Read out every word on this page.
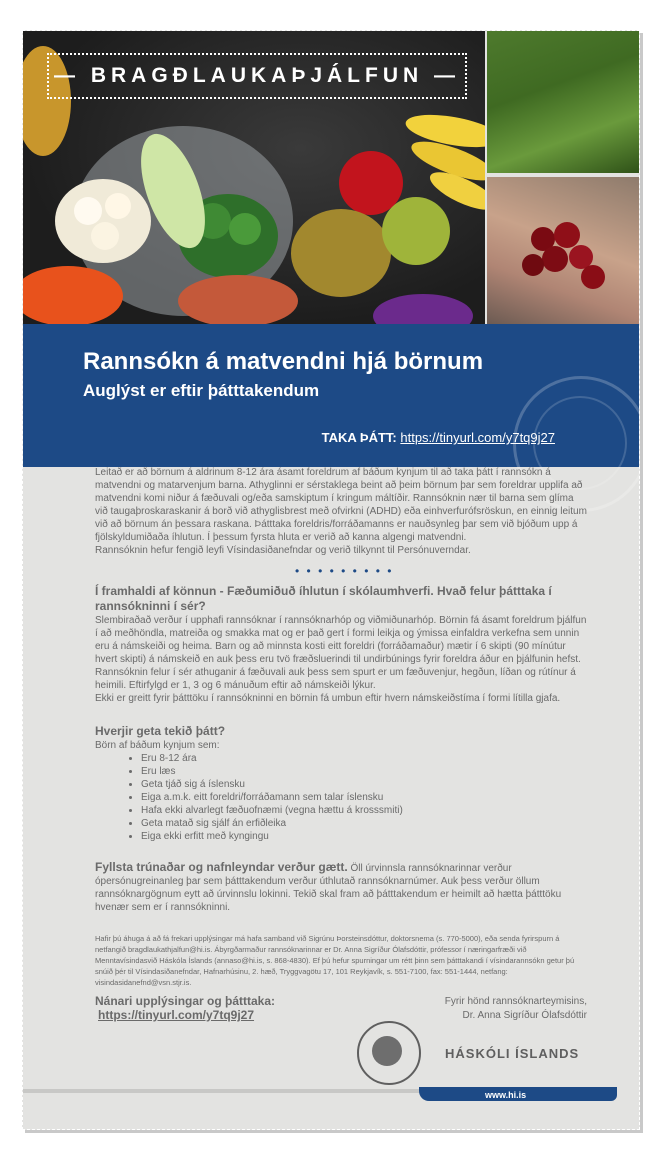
— BRAGÐLAUKAÞJÁLFUN —
Rannsókn á matvendni hjá börnum
Auglýst er eftir þátttakendum
TAKA ÞÁTT: https://tinyurl.com/y7tq9j27
Leitað er að börnum á aldrinum 8-12 ára ásamt foreldrum af báðum kynjum til að taka þátt í rannsókn á matvendni og matarvenjum barna. Athyglinni er sérstaklega beint að þeim börnum þar sem foreldrar upplifa að matvendni komi niður á fæðuvali og/eða samskiptum í kringum máltíðir. Rannsóknin nær til barna sem glíma við taugaþroskaraskanir á borð við athyglisbrest með ofvirkni (ADHD) eða einhverfurófsröskun, en einnig leitum við að börnum án þessara raskana. Þátttaka foreldris/forráðamanns er nauðsynleg þar sem við bjóðum upp á fjölskyldumiðaða íhlutun. Í þessum fyrsta hluta er verið að kanna algengi matvendni.
Rannsóknin hefur fengið leyfi Vísindasiðanefndar og verið tilkynnt til Persónuverndar.
• • • • • • • • •

Í framhaldi af könnun - Fæðumiðuð íhlutun í skólaumhverfi. Hvað felur þátttaka í rannsókninni í sér?

Slembiraðað verður í upphafi rannsóknar í rannsóknarhóp og viðmiðunarhóp. Börnin fá ásamt foreldrum þjálfun í að meðhöndla, matreiða og smakka mat og er það gert í formi leikja og ýmissa einfaldra verkefna sem unnin eru á námskeiði og heima. Barn og að minnsta kosti eitt foreldri (forráðamaður) mætir í 6 skipti (90 mínútur hvert skipti) á námskeið en auk þess eru tvö fræðsluerindi til undirbúnings fyrir foreldra áður en þjálfunin hefst. Rannsóknin felur í sér athuganir á fæðuvali auk þess sem spurt er um fæðuvenjur, hegðun, líðan og rútínur á heimili. Eftirfylgd er 1, 3 og 6 mánuðum eftir að námskeiði lýkur.
Ekki er greitt fyrir þátttöku í rannsókninni en börnin fá umbun eftir hvern námskeiðstíma í formi lítilla gjafa.

Hverjir geta tekið þátt?

Börn af báðum kynjum sem:
• Eru 8-12 ára
• Eru læs
• Geta tjáð sig á íslensku
• Eiga a.m.k. eitt foreldri/forráðamann sem talar íslensku
• Hafa ekki alvarlegt fæðuofnæmi (vegna hættu á krosssmiti)
• Geta matað sig sjálf án erfiðleika
• Eiga ekki erfitt með kyngingu
Fyllsta trúnaðar og nafnleyndar verður gætt. Öll úrvinnsla rannsóknarinnar verður ópersónugreinanleg þar sem þátttakendum verður úthlutað rannsóknarnúmer. Auk þess verður öllum rannsóknargögnum eytt að úrvinnslu lokinni. Tekið skal fram að þátttakendum er heimilt að hætta þátttöku hvenær sem er í rannsókninni.
Hafir þú áhuga á að fá frekari upplýsingar má hafa samband við Sigrúnu Þorsteinsdóttur, doktorsnema (s. 770-5000), eða senda fyrirspurn á netfangið bragdlaukathjalfun@hi.is. Ábyrgðarmaður rannsóknarinnar er Dr. Anna Sigríður Ólafsdóttir, prófessor í næringarfræði við Menntavísindasvið Háskóla Íslands (annaso@hi.is, s. 868-4830). Ef þú hefur spurningar um rétt þinn sem þátttakandi í vísindarannsókn getur þú snúið þér til Vísindasiðanefndar, Hafnarhúsinu, 2. hæð, Tryggvagötu 17, 101 Reykjavík, s. 551-7100, fax: 551-1444, netfang: visindasidanefnd@vsn.stjr.is.
Nánari upplýsingar og þátttaka:
https://tinyurl.com/y7tq9j27
Fyrir hönd rannsóknarteymisins,
Dr. Anna Sigríður Ólafsdóttir
HÁSKÓLI ÍSLANDS
www.hi.is
